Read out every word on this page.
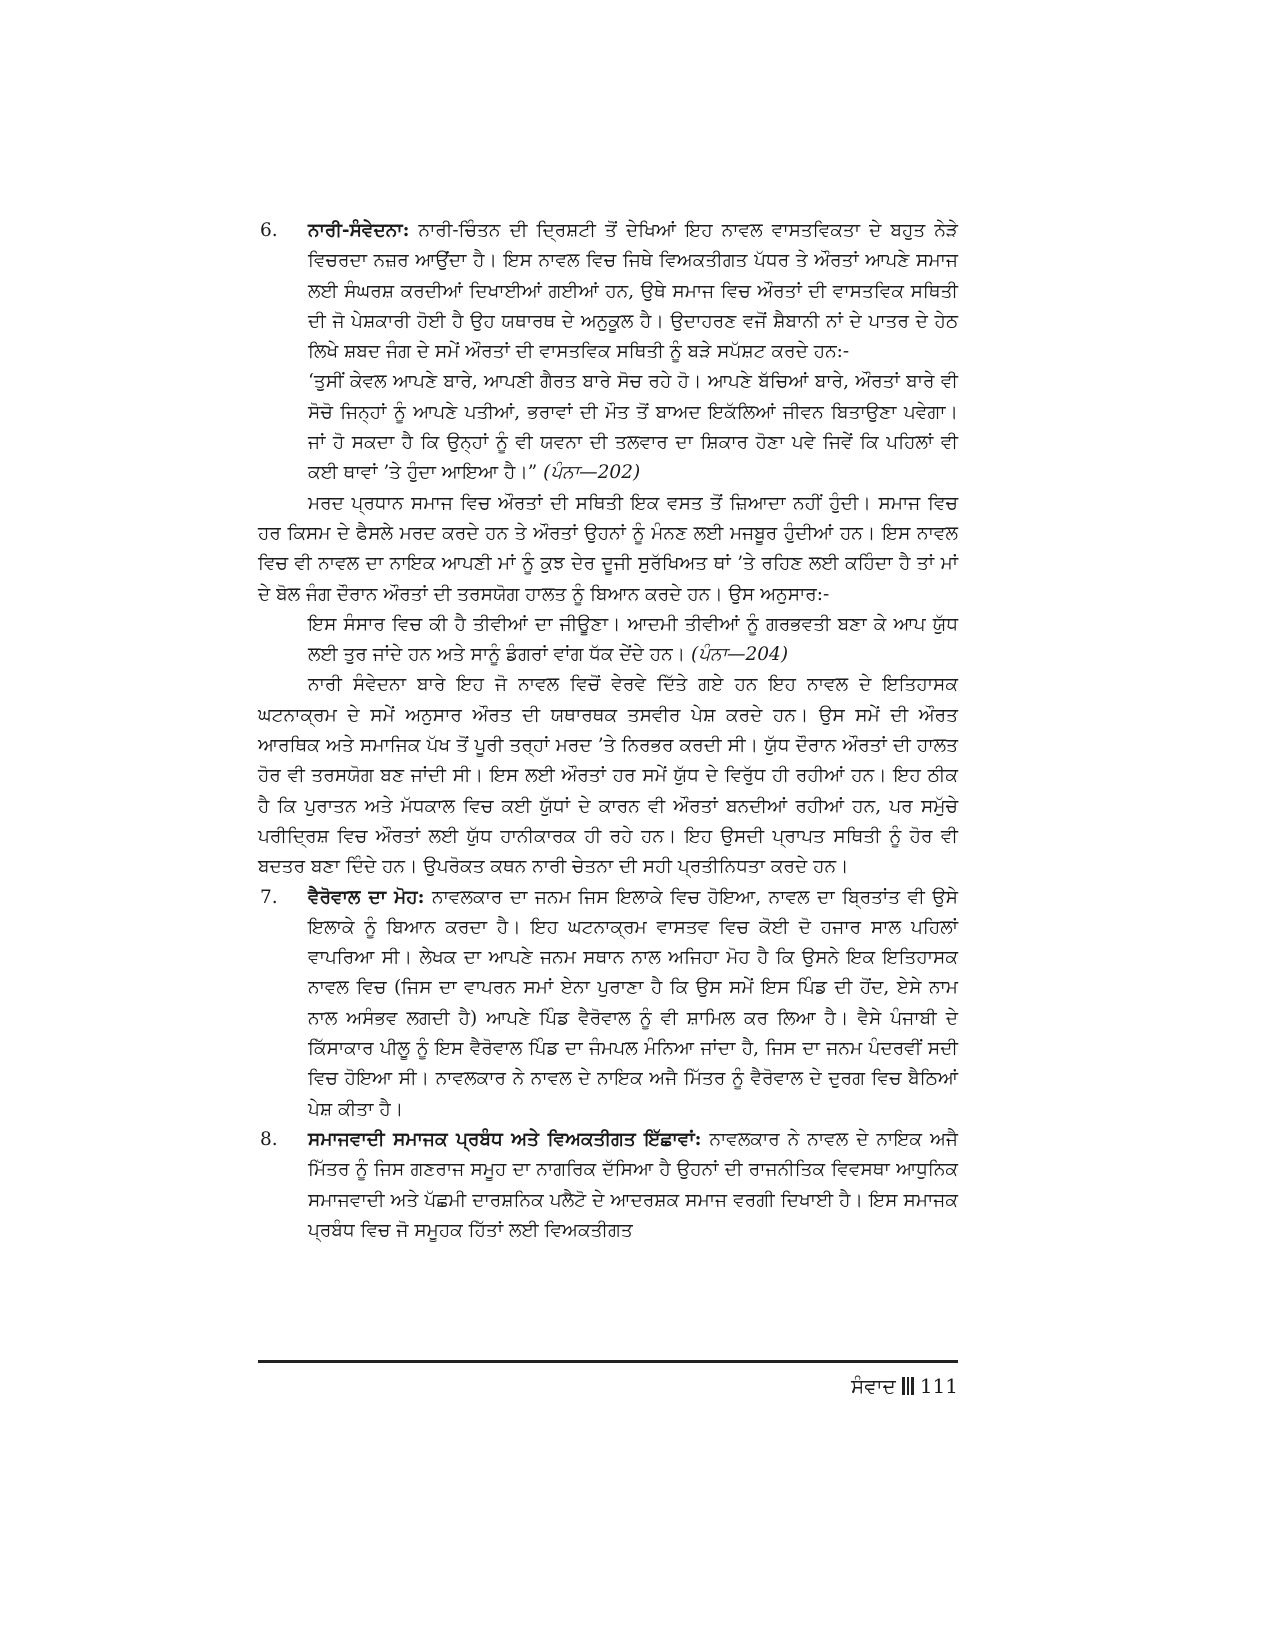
6. ਨਾਰੀ-ਸੰਵੇਦਨਾ: ਨਾਰੀ-ਚਿੰਤਨ ਦੀ ਦ੍ਰਿਸ਼ਟੀ ਤੋਂ ਦੇਖਿਆਂ ਇਹ ਨਾਵਲ ਵਾਸਤਵਿਕਤਾ ਦੇ ਬਹੁਤ ਨੇੜੇ ਵਿਚਰਦਾ ਨਜ਼ਰ ਆਉਂਦਾ ਹੈ। ਇਸ ਨਾਵਲ ਵਿਚ ਜਿਥੇ ਵਿਅਕਤੀਗਤ ਪੱਧਰ ਤੇ ਔਰਤਾਂ ਆਪਣੇ ਸਮਾਜ ਲਈ ਸੰਘਰਸ਼ ਕਰਦੀਆਂ ਦਿਖਾਈਆਂ ਗਈਆਂ ਹਨ, ਉਥੇ ਸਮਾਜ ਵਿਚ ਔਰਤਾਂ ਦੀ ਵਾਸਤਵਿਕ ਸਥਿਤੀ ਦੀ ਜੋ ਪੇਸ਼ਕਾਰੀ ਹੋਈ ਹੈ ਉਹ ਯਥਾਰਥ ਦੇ ਅਨੁਕੂਲ ਹੈ। ਉਦਾਹਰਣ ਵਜੋਂ ਸ਼ੈਬਾਨੀ ਨਾਂ ਦੇ ਪਾਤਰ ਦੇ ਹੇਠ ਲਿਖੇ ਸ਼ਬਦ ਜੰਗ ਦੇ ਸਮੇਂ ਔਰਤਾਂ ਦੀ ਵਾਸਤਵਿਕ ਸਥਿਤੀ ਨੂੰ ਬੜੇ ਸਪੱਸ਼ਟ ਕਰਦੇ ਹਨ:-
‘ਤੁਸੀਂ ਕੇਵਲ ਆਪਣੇ ਬਾਰੇ, ਆਪਣੀ ਗੈਰਤ ਬਾਰੇ ਸੋਚ ਰਹੇ ਹੋ। ਆਪਣੇ ਬੱਚਿਆਂ ਬਾਰੇ, ਔਰਤਾਂ ਬਾਰੇ ਵੀ ਸੋਚੋ ਜਿਨ੍ਹਾਂ ਨੂੰ ਆਪਣੇ ਪਤੀਆਂ, ਭਰਾਵਾਂ ਦੀ ਮੌਤ ਤੋਂ ਬਾਅਦ ਇਕੱਲਿਆਂ ਜੀਵਨ ਬਿਤਾਉਣਾ ਪਵੇਗਾ। ਜਾਂ ਹੋ ਸਕਦਾ ਹੈ ਕਿ ਉਨ੍ਹਾਂ ਨੂੰ ਵੀ ਯਵਨਾ ਦੀ ਤਲਵਾਰ ਦਾ ਸ਼ਿਕਾਰ ਹੋਣਾ ਪਵੇ ਜਿਵੇਂ ਕਿ ਪਹਿਲਾਂ ਵੀ ਕਈ ਥਾਵਾਂ ’ਤੇ ਹੁੰਦਾ ਆਇਆ ਹੈ।” (ਪੰਨਾ—202)

ਮਰਦ ਪ੍ਰਧਾਨ ਸਮਾਜ ਵਿਚ ਔਰਤਾਂ ਦੀ ਸਥਿਤੀ ਇਕ ਵਸਤ ਤੋਂ ਜ਼ਿਆਦਾ ਨਹੀਂ ਹੁੰਦੀ। ਸਮਾਜ ਵਿਚ ਹਰ ਕਿਸਮ ਦੇ ਫੈਸਲੇ ਮਰਦ ਕਰਦੇ ਹਨ ਤੇ ਔਰਤਾਂ ਉਹਨਾਂ ਨੂੰ ਮੰਨਣ ਲਈ ਮਜਬੂਰ ਹੁੰਦੀਆਂ ਹਨ। ਇਸ ਨਾਵਲ ਵਿਚ ਵੀ ਨਾਵਲ ਦਾ ਨਾਇਕ ਆਪਣੀ ਮਾਂ ਨੂੰ ਕੁਝ ਦੇਰ ਦੂਜੀ ਸੁਰੱਖਿਅਤ ਥਾਂ ’ਤੇ ਰਹਿਣ ਲਈ ਕਹਿੰਦਾ ਹੈ ਤਾਂ ਮਾਂ ਦੇ ਬੋਲ ਜੰਗ ਦੌਰਾਨ ਔਰਤਾਂ ਦੀ ਤਰਸਯੋਗ ਹਾਲਤ ਨੂੰ ਬਿਆਨ ਕਰਦੇ ਹਨ। ਉਸ ਅਨੁਸਾਰ:-

ਇਸ ਸੰਸਾਰ ਵਿਚ ਕੀ ਹੈ ਤੀਵੀਆਂ ਦਾ ਜੀਊਣਾ। ਆਦਮੀ ਤੀਵੀਆਂ ਨੂੰ ਗਰਭਵਤੀ ਬਣਾ ਕੇ ਆਪ ਯੁੱਧ ਲਈ ਤੁਰ ਜਾਂਦੇ ਹਨ ਅਤੇ ਸਾਨੂੰ ਡੰਗਰਾਂ ਵਾਂਗ ਧੱਕ ਦੇਂਦੇ ਹਨ। (ਪੰਨਾ—204)

ਨਾਰੀ ਸੰਵੇਦਨਾ ਬਾਰੇ ਇਹ ਜੋ ਨਾਵਲ ਵਿਚੋਂ ਵੇਰਵੇ ਦਿੱਤੇ ਗਏ ਹਨ ਇਹ ਨਾਵਲ ਦੇ ਇਤਿਹਾਸਕ ਘਟਨਾਕ੍ਰਮ ਦੇ ਸਮੇਂ ਅਨੁਸਾਰ ਔਰਤ ਦੀ ਯਥਾਰਥਕ ਤਸਵੀਰ ਪੇਸ਼ ਕਰਦੇ ਹਨ। ਉਸ ਸਮੇਂ ਦੀ ਔਰਤ ਆਰਥਿਕ ਅਤੇ ਸਮਾਜਿਕ ਪੱਖ ਤੋਂ ਪੂਰੀ ਤਰ੍ਹਾਂ ਮਰਦ ’ਤੇ ਨਿਰਭਰ ਕਰਦੀ ਸੀ। ਯੁੱਧ ਦੌਰਾਨ ਔਰਤਾਂ ਦੀ ਹਾਲਤ ਹੋਰ ਵੀ ਤਰਸਯੋਗ ਬਣ ਜਾਂਦੀ ਸੀ। ਇਸ ਲਈ ਔਰਤਾਂ ਹਰ ਸਮੇਂ ਯੁੱਧ ਦੇ ਵਿਰੁੱਧ ਹੀ ਰਹੀਆਂ ਹਨ। ਇਹ ਠੀਕ ਹੈ ਕਿ ਪੁਰਾਤਨ ਅਤੇ ਮੱਧਕਾਲ ਵਿਚ ਕਈ ਯੁੱਧਾਂ ਦੇ ਕਾਰਨ ਵੀ ਔਰਤਾਂ ਬਨਦੀਆਂ ਰਹੀਆਂ ਹਨ, ਪਰ ਸਮੁੱਚੇ ਪਰੀਦ੍ਰਿਸ਼ ਵਿਚ ਔਰਤਾਂ ਲਈ ਯੁੱਧ ਹਾਨੀਕਾਰਕ ਹੀ ਰਹੇ ਹਨ। ਇਹ ਉਸਦੀ ਪ੍ਰਾਪਤ ਸਥਿਤੀ ਨੂੰ ਹੋਰ ਵੀ ਬਦਤਰ ਬਣਾ ਦਿੰਦੇ ਹਨ। ਉਪਰੋਕਤ ਕਥਨ ਨਾਰੀ ਚੇਤਨਾ ਦੀ ਸਹੀ ਪ੍ਰਤੀਨਿਧਤਾ ਕਰਦੇ ਹਨ।

7. ਵੈਰੋਵਾਲ ਦਾ ਮੋਹ: ਨਾਵਲਕਾਰ ਦਾ ਜਨਮ ਜਿਸ ਇਲਾਕੇ ਵਿਚ ਹੋਇਆ, ਨਾਵਲ ਦਾ ਬ੍ਰਿਤਾਂਤ ਵੀ ਉਸੇ ਇਲਾਕੇ ਨੂੰ ਬਿਆਨ ਕਰਦਾ ਹੈ। ਇਹ ਘਟਨਾਕ੍ਰਮ ਵਾਸਤਵ ਵਿਚ ਕੋਈ ਦੋ ਹਜਾਰ ਸਾਲ ਪਹਿਲਾਂ ਵਾਪਰਿਆ ਸੀ। ਲੇਖਕ ਦਾ ਆਪਣੇ ਜਨਮ ਸਥਾਨ ਨਾਲ ਅਜਿਹਾ ਮੋਹ ਹੈ ਕਿ ਉਸਨੇ ਇਕ ਇਤਿਹਾਸਕ ਨਾਵਲ ਵਿਚ (ਜਿਸ ਦਾ ਵਾਪਰਨ ਸਮਾਂ ਏਨਾ ਪੁਰਾਣਾ ਹੈ ਕਿ ਉਸ ਸਮੇਂ ਇਸ ਪਿੰਡ ਦੀ ਹੋਂਦ, ਏਸੇ ਨਾਮ ਨਾਲ ਅਸੰਭਵ ਲਗਦੀ ਹੈ) ਆਪਣੇ ਪਿੰਡ ਵੈਰੋਵਾਲ ਨੂੰ ਵੀ ਸ਼ਾਮਿਲ ਕਰ ਲਿਆ ਹੈ। ਵੈਸੇ ਪੰਜਾਬੀ ਦੇ ਕਿੱਸਾਕਾਰ ਪੀਲੂ ਨੂੰ ਇਸ ਵੈਰੋਵਾਲ ਪਿੰਡ ਦਾ ਜੰਮਪਲ ਮੰਨਿਆ ਜਾਂਦਾ ਹੈ, ਜਿਸ ਦਾ ਜਨਮ ਪੰਦਰਵੀਂ ਸਦੀ ਵਿਚ ਹੋਇਆ ਸੀ। ਨਾਵਲਕਾਰ ਨੇ ਨਾਵਲ ਦੇ ਨਾਇਕ ਅਜੈ ਮਿੱਤਰ ਨੂੰ ਵੈਰੋਵਾਲ ਦੇ ਦੁਰਗ ਵਿਚ ਬੈਠਿਆਂ ਪੇਸ਼ ਕੀਤਾ ਹੈ।
8. ਸਮਾਜਵਾਦੀ ਸਮਾਜਕ ਪ੍ਰਬੰਧ ਅਤੇ ਵਿਅਕਤੀਗਤ ਇੱਛਾਵਾਂ: ਨਾਵਲਕਾਰ ਨੇ ਨਾਵਲ ਦੇ ਨਾਇਕ ਅਜੈ ਮਿੱਤਰ ਨੂੰ ਜਿਸ ਗਣਰਾਜ ਸਮੂਹ ਦਾ ਨਾਗਰਿਕ ਦੱਸਿਆ ਹੈ ਉਹਨਾਂ ਦੀ ਰਾਜਨੀਤਿਕ ਵਿਵਸਥਾ ਆਧੁਨਿਕ ਸਮਾਜਵਾਦੀ ਅਤੇ ਪੱਛਮੀ ਦਾਰਸ਼ਨਿਕ ਪਲੈਟੋ ਦੇ ਆਦਰਸ਼ਕ ਸਮਾਜ ਵਰਗੀ ਦਿਖਾਈ ਹੈ। ਇਸ ਸਮਾਜਕ ਪ੍ਰਬੰਧ ਵਿਚ ਜੋ ਸਮੂਹਕ ਹਿੱਤਾਂ ਲਈ ਵਿਅਕਤੀਗਤ
ਸੰਵਾਦ 111
